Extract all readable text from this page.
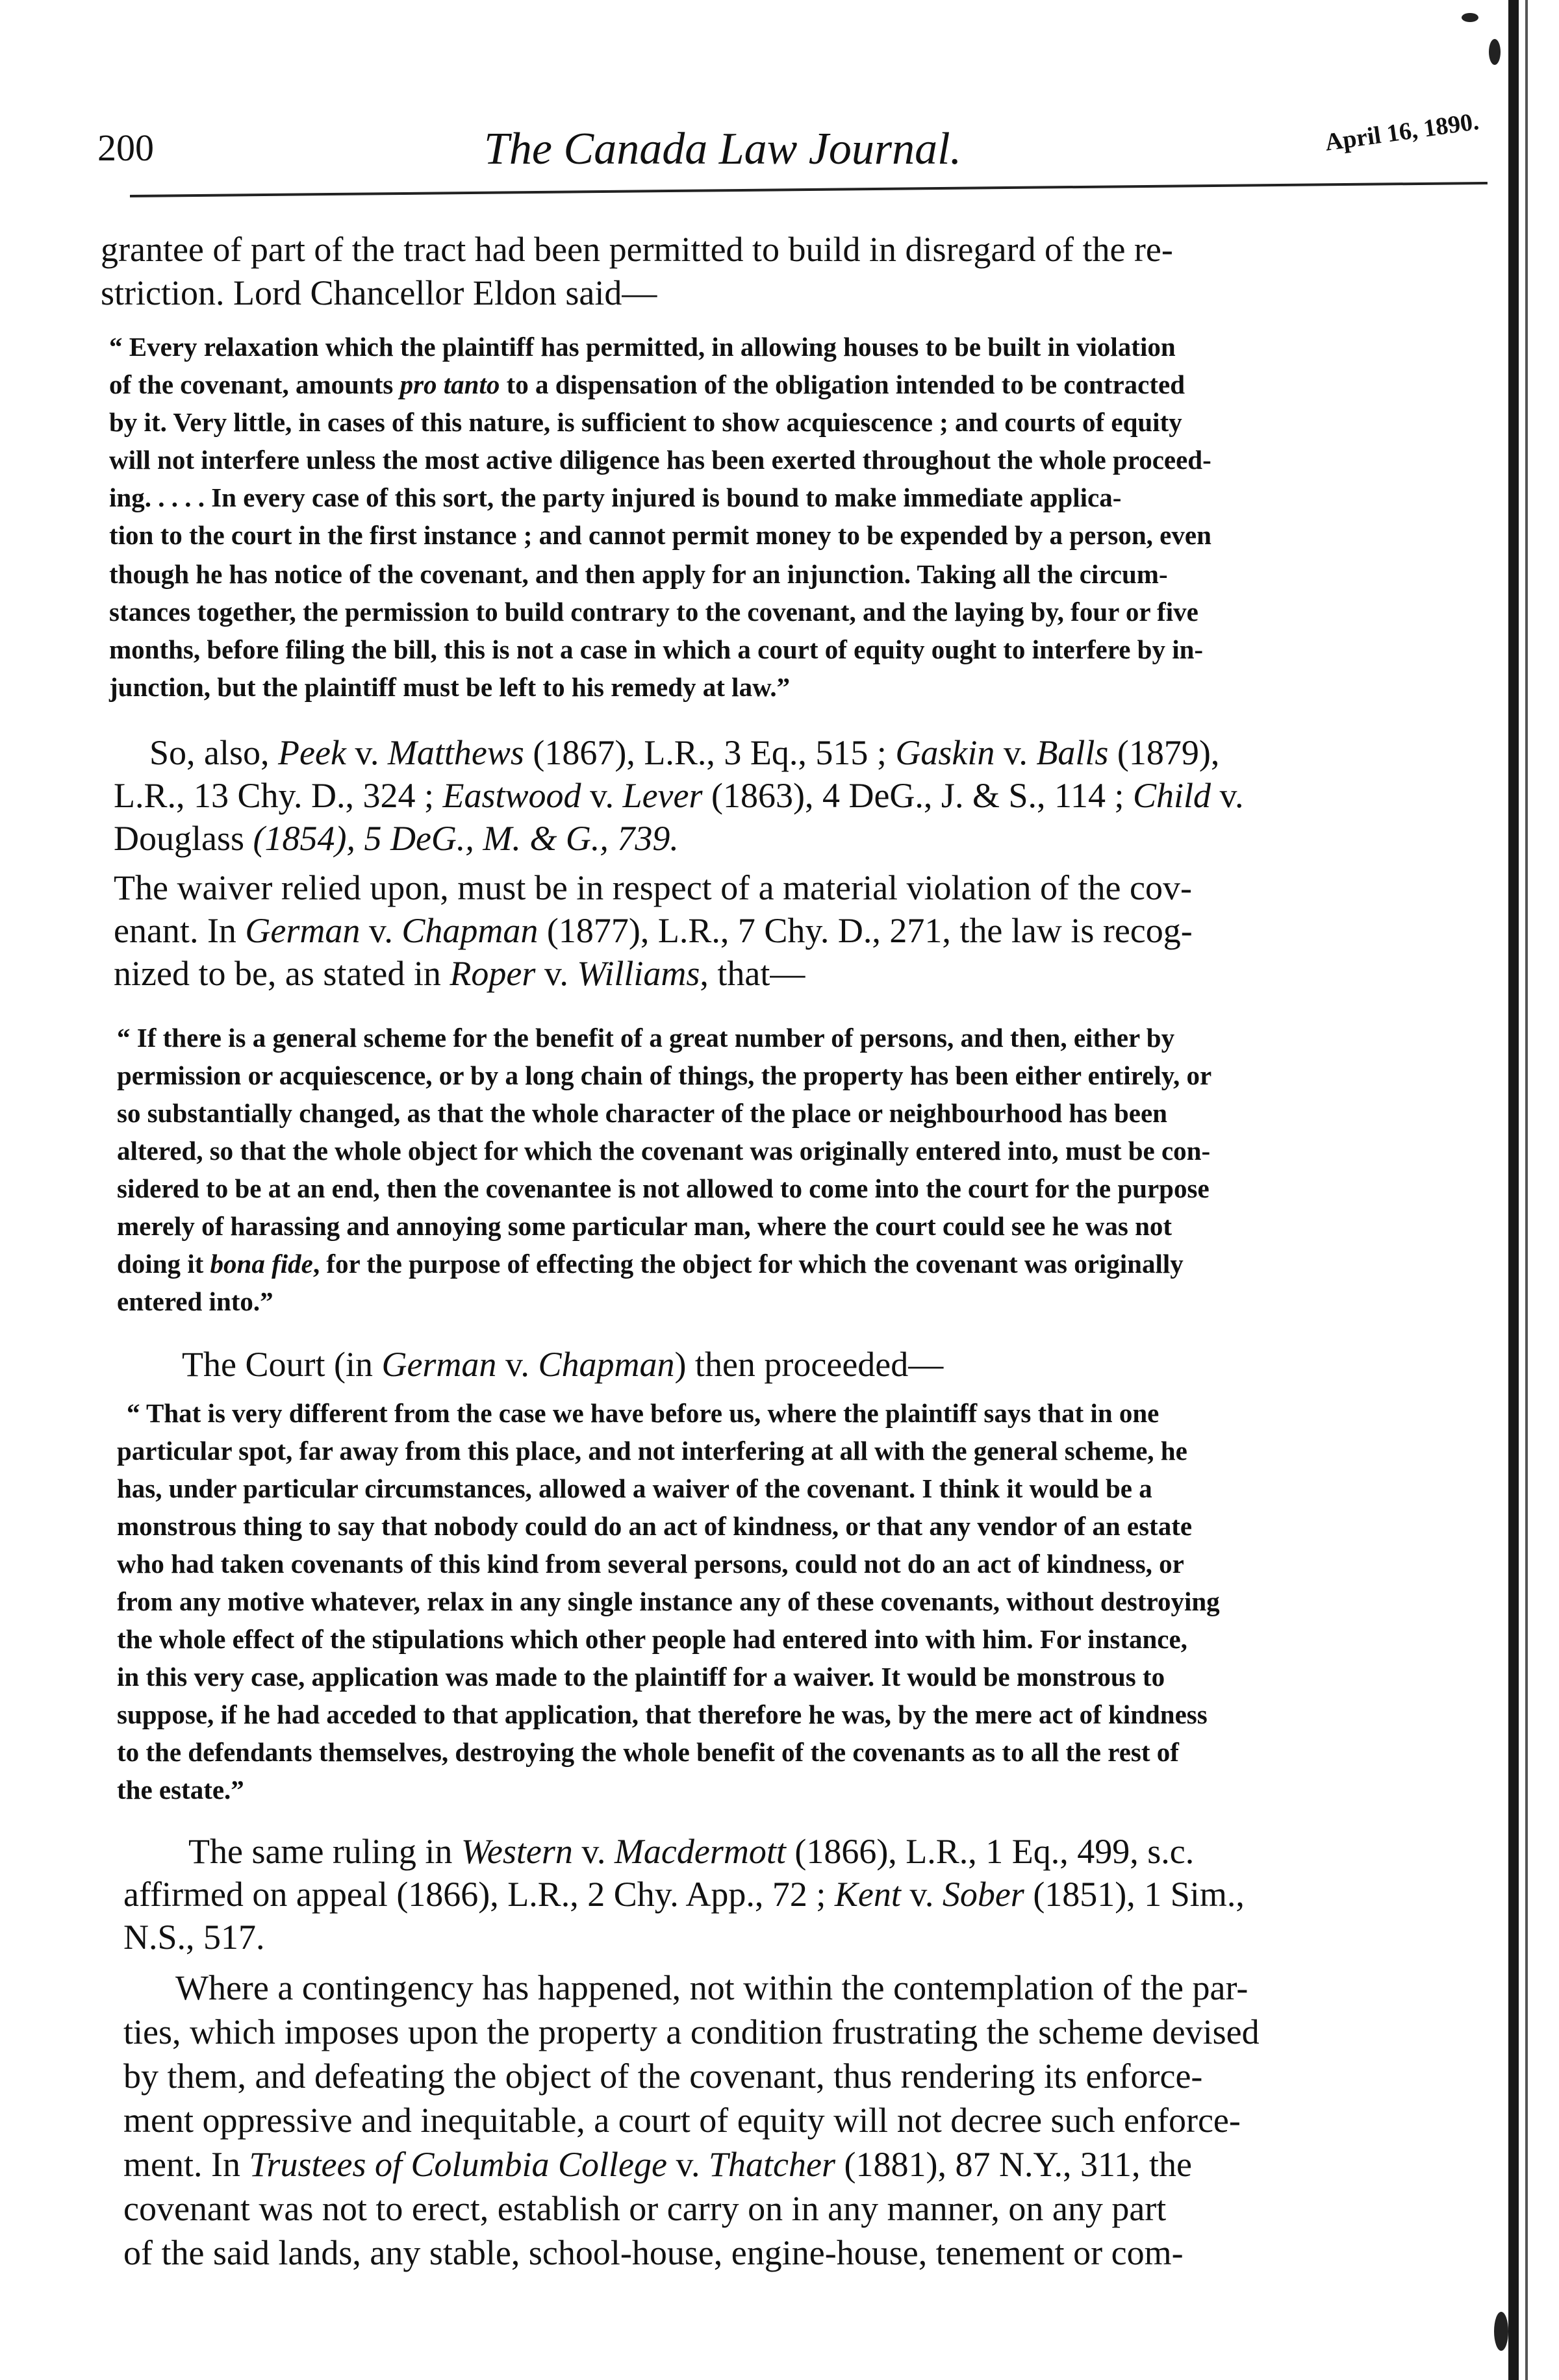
200	The Canada Law Journal.	April 16, 1890.
grantee of part of the tract had been permitted to build in disregard of the re-
striction. Lord Chancellor Eldon said—
“ Every relaxation which the plaintiff has permitted, in allowing houses to be built in violation
of the covenant, amounts pro tanto to a dispensation of the obligation intended to be contracted
by it. Very little, in cases of this nature, is sufficient to show acquiescence ; and courts of equity
will not interfere unless the most active diligence has been exerted throughout the whole proceed-
ing. . . . . In every case of this sort, the party injured is bound to make immediate applica-
tion to the court in the first instance ; and cannot permit money to be expended by a person, even
though he has notice of the covenant, and then apply for an injunction. Taking all the circum-
stances together, the permission to build contrary to the covenant, and the laying by, four or five
months, before filing the bill, this is not a case in which a court of equity ought to interfere by in-
junction, but the plaintiff must be left to his remedy at law.”
So, also, Peek v. Matthews (1867), L.R., 3 Eq., 515 ; Gaskin v. Balls (1879),
L.R., 13 Chy. D., 324 ; Eastwood v. Lever (1863), 4 DeG., J. & S., 114 ; Child v.
Douglass (1854), 5 DeG., M. & G., 739.
The waiver relied upon, must be in respect of a material violation of the cov-
enant. In German v. Chapman (1877), L.R., 7 Chy. D., 271, the law is recog-
nized to be, as stated in Roper v. Williams, that—
“ If there is a general scheme for the benefit of a great number of persons, and then, either by
permission or acquiescence, or by a long chain of things, the property has been either entirely, or
so substantially changed, as that the whole character of the place or neighbourhood has been
altered, so that the whole object for which the covenant was originally entered into, must be con-
sidered to be at an end, then the covenantee is not allowed to come into the court for the purpose
merely of harassing and annoying some particular man, where the court could see he was not
doing it bona fide, for the purpose of effecting the object for which the covenant was originally
entered into.”
The Court (in German v. Chapman) then proceeded—
“ That is very different from the case we have before us, where the plaintiff says that in one
particular spot, far away from this place, and not interfering at all with the general scheme, he
has, under particular circumstances, allowed a waiver of the covenant. I think it would be a
monstrous thing to say that nobody could do an act of kindness, or that any vendor of an estate
who had taken covenants of this kind from several persons, could not do an act of kindness, or
from any motive whatever, relax in any single instance any of these covenants, without destroying
the whole effect of the stipulations which other people had entered into with him. For instance,
in this very case, application was made to the plaintiff for a waiver. It would be monstrous to
suppose, if he had acceded to that application, that therefore he was, by the mere act of kindness
to the defendants themselves, destroying the whole benefit of the covenants as to all the rest of
the estate.”
The same ruling in Western v. Macdermott (1866), L.R., 1 Eq., 499, s.c.
affirmed on appeal (1866), L.R., 2 Chy. App., 72 ; Kent v. Sober (1851), 1 Sim.,
N.S., 517.
Where a contingency has happened, not within the contemplation of the par-
ties, which imposes upon the property a condition frustrating the scheme devised
by them, and defeating the object of the covenant, thus rendering its enforce-
ment oppressive and inequitable, a court of equity will not decree such enforce-
ment. In Trustees of Columbia College v. Thatcher (1881), 87 N.Y., 311, the
covenant was not to erect, establish or carry on in any manner, on any part
of the said lands, any stable, school-house, engine-house, tenement or com-
